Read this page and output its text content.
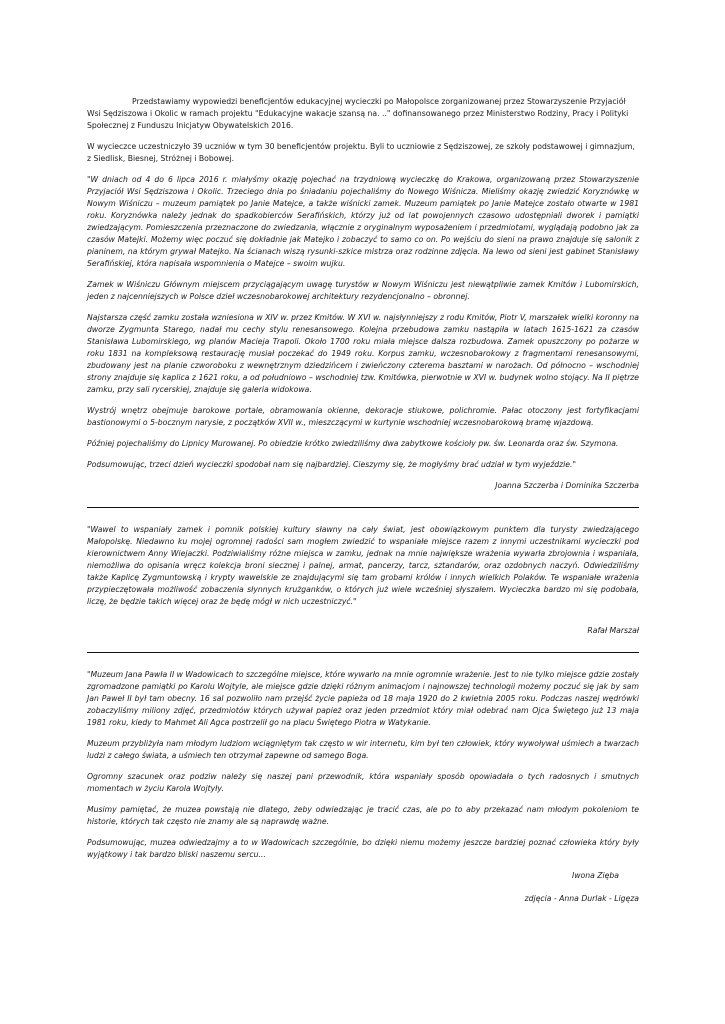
Przedstawiamy wypowiedzi beneficjentów edukacyjnej wycieczki po Małopolsce zorganizowanej przez Stowarzyszenie Przyjaciół Wsi Sędziszowa i Okolic w ramach projektu "Edukacyjne wakacje szansą na. .." dofinansowanego przez Ministerstwo Rodziny, Pracy i Polityki Społecznej z Funduszu Inicjatyw Obywatelskich 2016.

W wycieczce uczestniczyło 39 uczniów w tym 30 beneficjentów projektu. Byli to uczniowie z Sędziszowej, ze szkoły podstawowej i gimnazjum, z Siedlisk, Biesnej, Stróżnej i Bobowej.

"W dniach od 4 do 6 lipca 2016 r. miałyśmy okazję pojechać na trzydniową wycieczkę do Krakowa, organizowaną przez Stowarzyszenie Przyjaciół Wsi Sędziszowa i Okolic. Trzeciego dnia po śniadaniu pojechaliśmy do Nowego Wiśnicza. Mieliśmy okazję zwiedzić Koryznówkę w Nowym Wiśniczu – muzeum pamiątek po Janie Matejce, a także wiśnicki zamek. Muzeum pamiątek po Janie Matejce zostało otwarte w 1981 roku. Koryznówka należy jednak do spadkobierców Serafińskich, którzy już od lat powojennych czasowo udostępniali dworek i pamiątki zwiedzającym. Pomieszczenia przeznaczone do zwiedzania, włącznie z oryginalnym wyposażeniem i przedmiotami, wyglądają podobno jak za czasów Matejki. Możemy więc poczuć się dokładnie jak Matejko i zobaczyć to samo co on. Po wejściu do sieni na prawo znajduje się salonik z pianinem, na którym grywał Matejko. Na ścianach wiszą rysunki-szkice mistrza oraz rodzinne zdjęcia. Na lewo od sieni jest gabinet Stanisławy Serafińskiej, która napisała wspomnienia o Matejce – swoim wujku.

Zamek w Wiśniczu Głównym miejscem przyciągającym uwagę turystów w Nowym Wiśniczu jest niewątpliwie zamek Kmitów i Lubomirskich, jeden z najcenniejszych w Polsce dzieł wczesnobarokowej architektury rezydencjonalno – obronnej.

Najstarsza część zamku została wzniesiona w XIV w. przez Kmitów. W XVI w. najsłynniejszy z rodu Kmitów, Piotr V, marszałek wielki koronny na dworze Zygmunta Starego, nadał mu cechy stylu renesansowego. Kolejna przebudowa zamku nastąpiła w latach 1615-1621 za czasów Stanisława Lubomirskiego, wg planów Macieja Trapoli. Około 1700 roku miała miejsce dalsza rozbudowa. Zamek opuszczony po pożarze w roku 1831 na kompleksową restaurację musiał poczekać do 1949 roku. Korpus zamku, wczesnobarokowy z fragmentami renesansowymi, zbudowany jest na planie czworoboku z wewnętrznym dziedzińcem i zwieńczony czterema basztami w narożach. Od północno – wschodniej strony znajduje się kaplica z 1621 roku, a od południowo – wschodniej tzw. Kmitówka, pierwotnie w XVI w. budynek wolno stojący. Na II piętrze zamku, przy sali rycerskiej, znajduje się galeria widokowa.

Wystrój wnętrz obejmuje barokowe portale, obramowania okienne, dekoracje stiukowe, polichromie. Pałac otoczony jest fortyfikacjami bastionowymi o 5-bocznym narysie, z początków XVII w., mieszczącymi w kurtynie wschodniej wczesnobarokową bramę wjazdową.

Później pojechaliśmy do Lipnicy Murowanej. Po obiedzie krótko zwiedziliśmy dwa zabytkowe kościoły pw. św. Leonarda oraz św. Szymona.

Podsumowując, trzeci dzień wycieczki spodobał nam się najbardziej. Cieszymy się, że mogłyśmy brać udział w tym wyjeździe."

Joanna Szczerba i Dominika Szczerba

"Wawel to wspaniały zamek i pomnik polskiej kultury sławny na cały świat, jest obowiązkowym punktem dla turysty zwiedzającego Małopolskę. Niedawno ku mojej ogromnej radości sam mogłem zwiedzić to wspaniałe miejsce razem z innymi uczestnikami wycieczki pod kierownictwem Anny Wiejaczki. Podziwialiśmy różne miejsca w zamku, jednak na mnie największe wrażenia wywarła zbrojownia i wspaniała, niemożliwa do opisania wręcz kolekcja broni siecznej i palnej, armat, pancerzy, tarcz, sztandarów, oraz ozdobnych naczyń. Odwiedziliśmy także Kaplicę Zygmuntowską i krypty wawelskie ze znajdującymi się tam grobami królów i innych wielkich Polaków. Te wspaniałe wrażenia przypieczętowała możliwość zobaczenia słynnych krużganków, o których już wiele wcześniej słyszałem. Wycieczka bardzo mi się podobała, liczę, że będzie takich więcej oraz że będę mógł w nich uczestniczyć."

Rafał Marszał

"Muzeum Jana Pawła II w Wadowicach to szczególne miejsce, które wywarło na mnie ogromnie wrażenie. Jest to nie tylko miejsce gdzie zostały zgromadzone pamiątki po Karolu Wojtyle, ale miejsce gdzie dzięki różnym animacjom i najnowszej technologii możemy poczuć się jak by sam Jan Paweł II był tam obecny. 16 sal pozwoliło nam przejść życie papieża od 18 maja 1920 do 2 kwietnia 2005 roku. Podczas naszej wędrówki zobaczyliśmy miliony zdjęć, przedmiotów których używał papież oraz jeden przedmiot który miał odebrać nam Ojca Świętego już 13 maja 1981 roku, kiedy to Mahmet Ali Agca postrzelił go na placu Świętego Piotra w Watykanie.

Muzeum przybliżyła nam młodym ludziom wciągniętym tak często w wir internetu, kim był ten człowiek, który wywoływał uśmiech a twarzach ludzi z całego świata, a uśmiech ten otrzymał zapewne od samego Boga.

Ogromny szacunek oraz podziw należy się naszej pani przewodnik, która wspaniały sposób opowiadała o tych radosnych i smutnych momentach w życiu Karola Wojtyły.

Musimy pamiętać, że muzea powstają nie dlatego, żeby odwiedzając je tracić czas, ale po to aby przekazać nam młodym pokoleniom te historie, których tak często nie znamy ale są naprawdę ważne.

Podsumowując, muzea odwiedzajmy a to w Wadowicach szczególnie, bo dzięki niemu możemy jeszcze bardziej poznać człowieka który były wyjątkowy i tak bardzo bliski naszemu sercu...

Iwona Zięba

zdjęcia - Anna Durlak - Ligęza
